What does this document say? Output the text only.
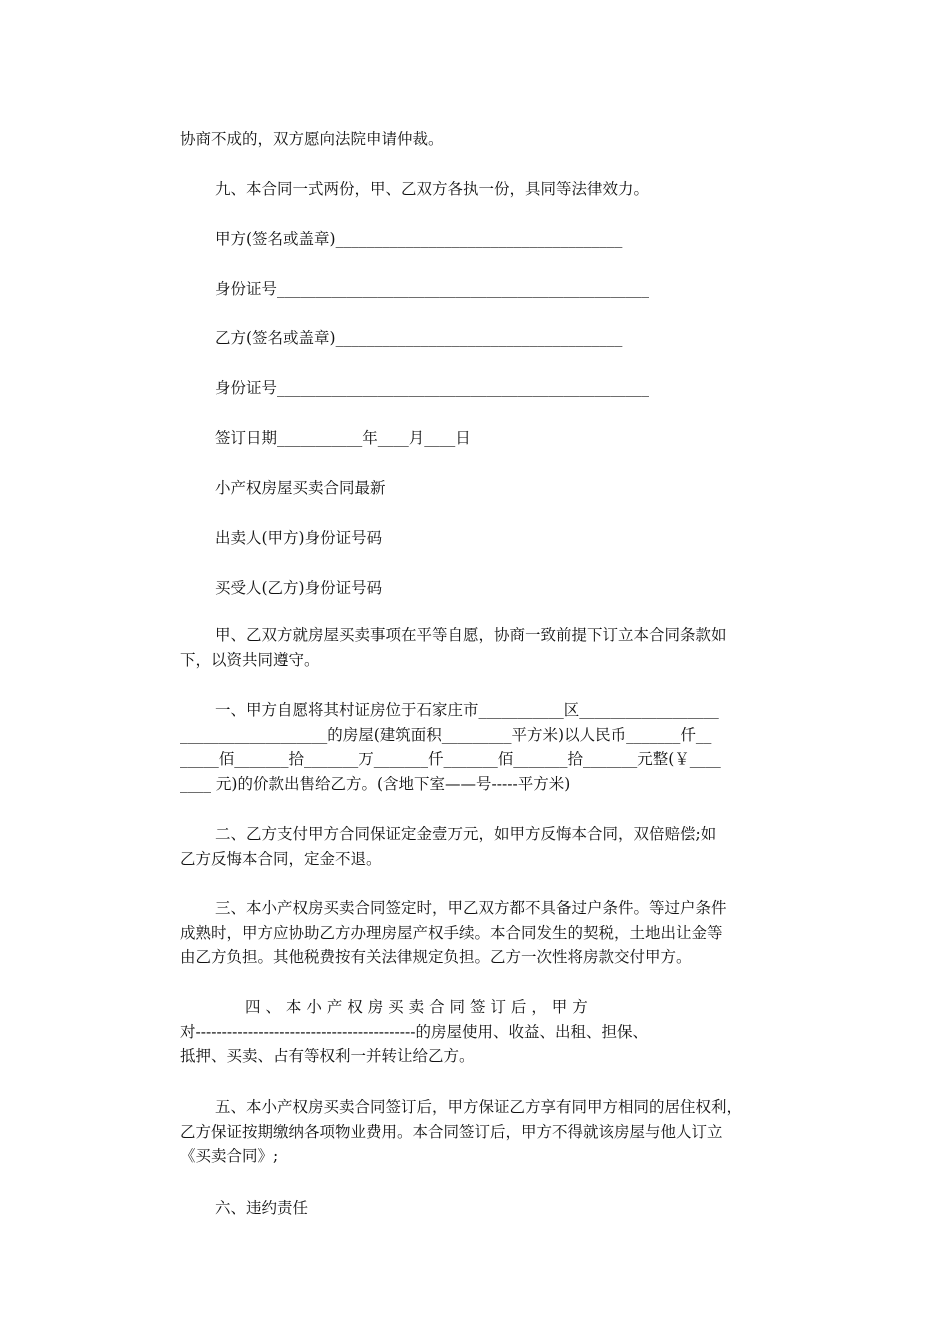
协商不成的，双方愿向法院申请仲裁。
九、本合同一式两份，甲、乙双方各执一份，具同等法律效力。
甲方(签名或盖章)_____________________________________
身份证号________________________________________________
乙方(签名或盖章)_____________________________________
身份证号________________________________________________
签订日期___________年____月____日
小产权房屋买卖合同最新
出卖人(甲方)身份证号码
买受人(乙方)身份证号码
甲、乙双方就房屋买卖事项在平等自愿，协商一致前提下订立本合同条款如
下，以资共同遵守。
一、甲方自愿将其村证房位于石家庄市___________区__________________
___________________的房屋(建筑面积_________平方米)以人民币_______仟__
_____佰_______拾_______万_______仟_______佰_______拾_______元整(￥____
____ 元)的价款出售给乙方。(含地下室——号-----平方米)
二、乙方支付甲方合同保证定金壹万元，如甲方反悔本合同，双倍赔偿;如
乙方反悔本合同，定金不退。
三、本小产权房买卖合同签定时，甲乙双方都不具备过户条件。等过户条件
成熟时，甲方应协助乙方办理房屋产权手续。本合同发生的契税，土地出让金等
由乙方负担。其他税费按有关法律规定负担。乙方一次性将房款交付甲方。
四 、 本 小 产 权 房 买 卖 合 同 签 订 后 ， 甲 方
对------------------------------------------的房屋使用、收益、出租、担保、
抵押、买卖、占有等权利一并转让给乙方。
五、本小产权房买卖合同签订后，甲方保证乙方享有同甲方相同的居住权利，
乙方保证按期缴纳各项物业费用。本合同签订后，甲方不得就该房屋与他人订立
《买卖合同》;
六、违约责任
